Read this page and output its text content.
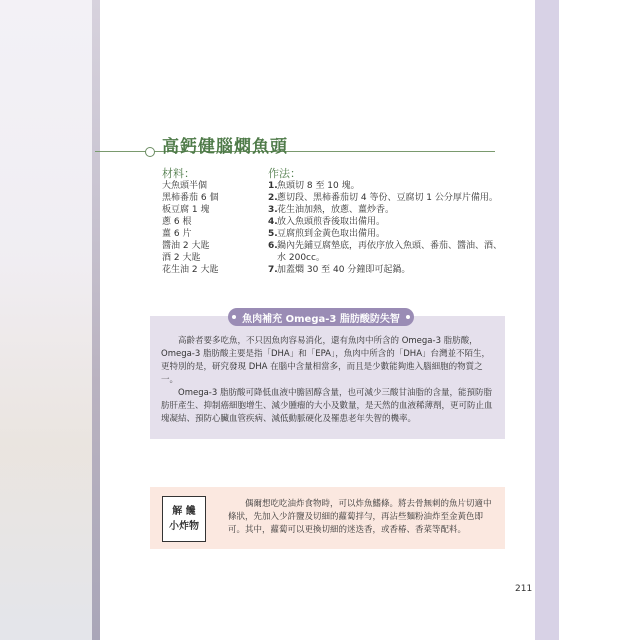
高鈣健腦燜魚頭
材料：
大魚頭半個
黑柿番茄 6 個
板豆腐 1 塊
蔥 6 根
薑 6 片
醬油 2 大匙
酒 2 大匙
花生油 2 大匙
作法：
1. 魚頭切 8 至 10 塊。
2. 蔥切段、黑柿番茄切 4 等份、豆腐切 1 公分厚片備用。
3. 花生油加熱，放蔥、薑炒香。
4. 放入魚頭煎香後取出備用。
5. 豆腐煎到金黃色取出備用。
6. 鍋內先鋪豆腐墊底，再依序放入魚頭、番茄、醬油、酒、水 200cc。
7. 加蓋燜 30 至 40 分鐘即可起鍋。
魚肉補充 Omega-3 脂肪酸防失智

高齡者要多吃魚，不只因魚肉容易消化，還有魚肉中所含的 Omega-3 脂肪酸，Omega-3 脂肪酸主要是指「DHA」和「EPA」，魚肉中所含的「DHA」台灣並不陌生，更特別的是，研究發現 DHA 在腦中含量相當多，而且是少數能夠進入腦細胞的物質之一。

Omega-3 脂肪酸可降低血液中膽固醇含量，也可減少三酸甘油脂的含量，能預防脂肪肝產生、抑制癌細胞增生、減少腫瘤的大小及數量，是天然的血液稀薄劑，更可防止血塊凝結、預防心臟血管疾病、減低動脈硬化及罹患老年失智的機率。

解 饞
小炸物

偶爾想吃吃油炸食物時，可以炸魚鰭條。將去骨無刺的魚片切適中條狀，先加入少許鹽及切細的蘿蔔拌勻，再沾些麵粉油炸至金黃色即可。其中，蘿蔔可以更換切細的迷迭香，或香椿、香菜等配料。

211
